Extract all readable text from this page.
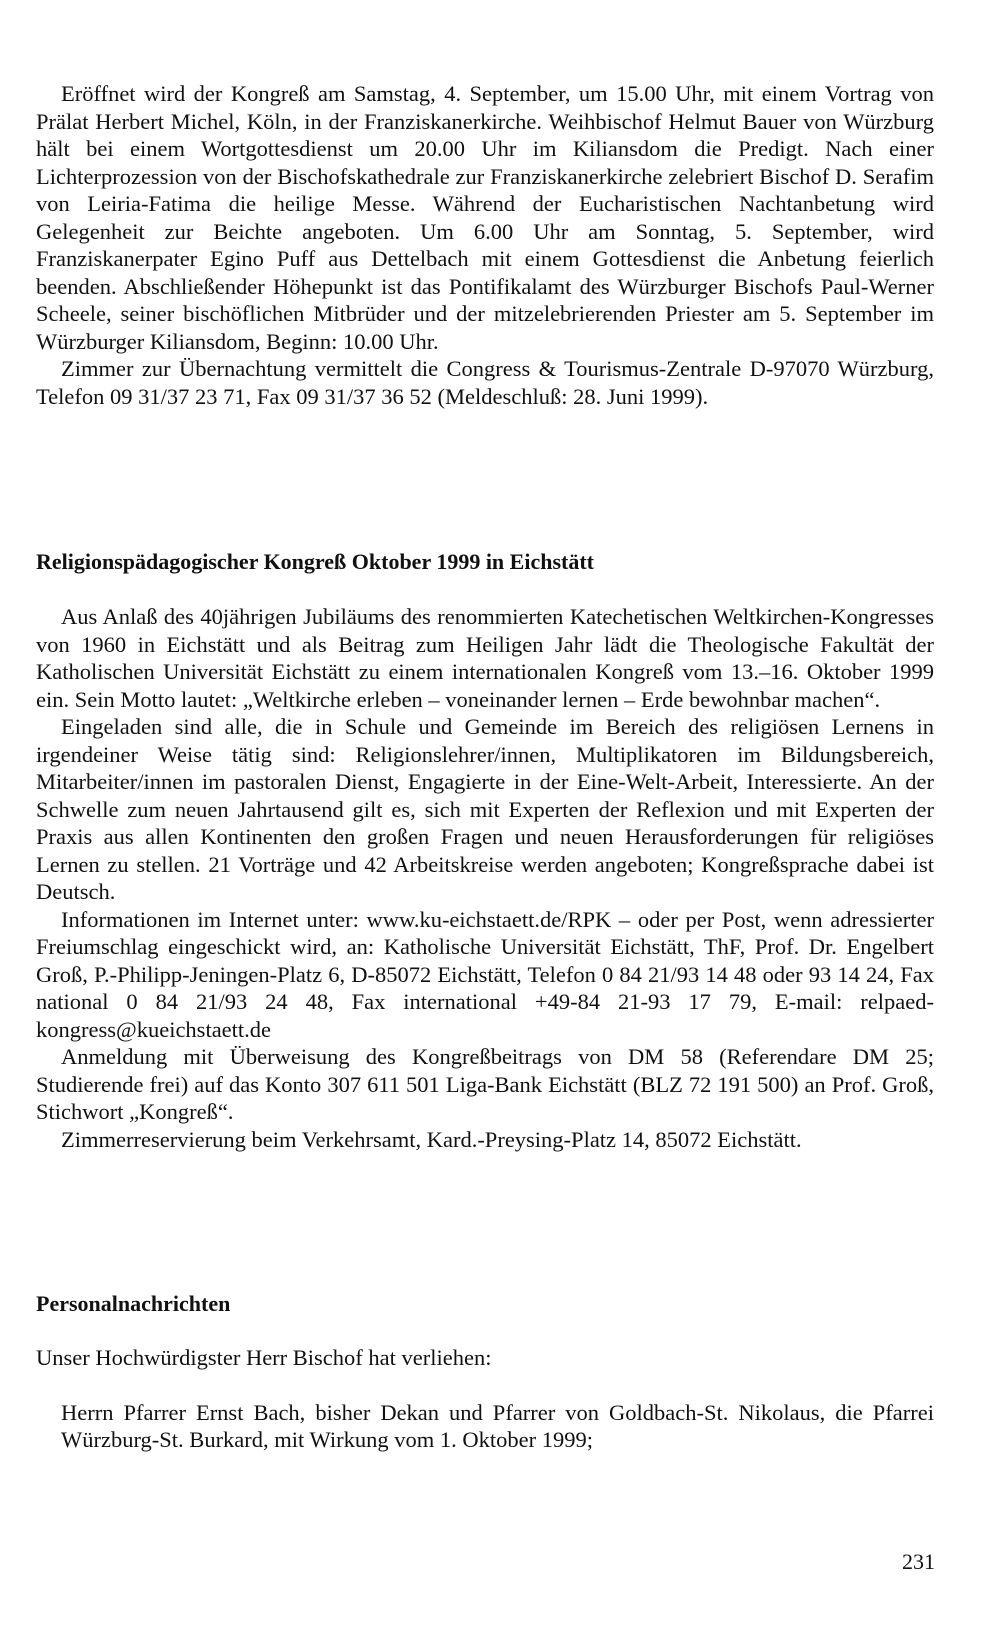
Eröffnet wird der Kongreß am Samstag, 4. September, um 15.00 Uhr, mit einem Vortrag von Prälat Herbert Michel, Köln, in der Franziskanerkirche. Weihbischof Helmut Bauer von Würzburg hält bei einem Wortgottesdienst um 20.00 Uhr im Kiliansdom die Predigt. Nach einer Lichterprozession von der Bischofskathedrale zur Franziskanerkirche zelebriert Bischof D. Serafim von Leiria-Fatima die heilige Messe. Während der Eucharistischen Nachtanbetung wird Gelegenheit zur Beichte angeboten. Um 6.00 Uhr am Sonntag, 5. September, wird Franziskanerpater Egino Puff aus Dettelbach mit einem Gottesdienst die Anbetung feierlich beenden. Abschließender Höhepunkt ist das Pontifikalamt des Würzburger Bischofs Paul-Werner Scheele, seiner bischöflichen Mitbrüder und der mitzelebrierenden Priester am 5. September im Würzburger Kiliansdom, Beginn: 10.00 Uhr.

Zimmer zur Übernachtung vermittelt die Congress & Tourismus-Zentrale D-97070 Würzburg, Telefon 09 31/37 23 71, Fax 09 31/37 36 52 (Meldeschluß: 28. Juni 1999).

Religionspädagogischer Kongreß Oktober 1999 in Eichstätt

Aus Anlaß des 40jährigen Jubiläums des renommierten Katechetischen Weltkirchen-Kongresses von 1960 in Eichstätt und als Beitrag zum Heiligen Jahr lädt die Theologische Fakultät der Katholischen Universität Eichstätt zu einem internationalen Kongreß vom 13.–16. Oktober 1999 ein. Sein Motto lautet: „Weltkirche erleben – voneinander lernen – Erde bewohnbar machen“.

Eingeladen sind alle, die in Schule und Gemeinde im Bereich des religiösen Lernens in irgendeiner Weise tätig sind: Religionslehrer/innen, Multiplikatoren im Bildungsbereich, Mitarbeiter/innen im pastoralen Dienst, Engagierte in der Eine-Welt-Arbeit, Interessierte. An der Schwelle zum neuen Jahrtausend gilt es, sich mit Experten der Reflexion und mit Experten der Praxis aus allen Kontinenten den großen Fragen und neuen Herausforderungen für religiöses Lernen zu stellen. 21 Vorträge und 42 Arbeitskreise werden angeboten; Kongreßsprache dabei ist Deutsch.

Informationen im Internet unter: www.ku-eichstaett.de/RPK – oder per Post, wenn adressierter Freiumschlag eingeschickt wird, an: Katholische Universität Eichstätt, ThF, Prof. Dr. Engelbert Groß, P.-Philipp-Jeningen-Platz 6, D-85072 Eichstätt, Telefon 0 84 21/93 14 48 oder 93 14 24, Fax national 0 84 21/93 24 48, Fax international +49-84 21-93 17 79, E-mail: relpaed-kongress@kueichstaett.de

Anmeldung mit Überweisung des Kongreßbeitrags von DM 58 (Referendare DM 25; Studierende frei) auf das Konto 307 611 501 Liga-Bank Eichstätt (BLZ 72 191 500) an Prof. Groß, Stichwort „Kongreß“.

Zimmerreservierung beim Verkehrsamt, Kard.-Preysing-Platz 14, 85072 Eichstätt.

Personalnachrichten

Unser Hochwürdigster Herr Bischof hat verliehen:

Herrn Pfarrer Ernst Bach, bisher Dekan und Pfarrer von Goldbach-St. Nikolaus, die Pfarrei Würzburg-St. Burkard, mit Wirkung vom 1. Oktober 1999;

231
